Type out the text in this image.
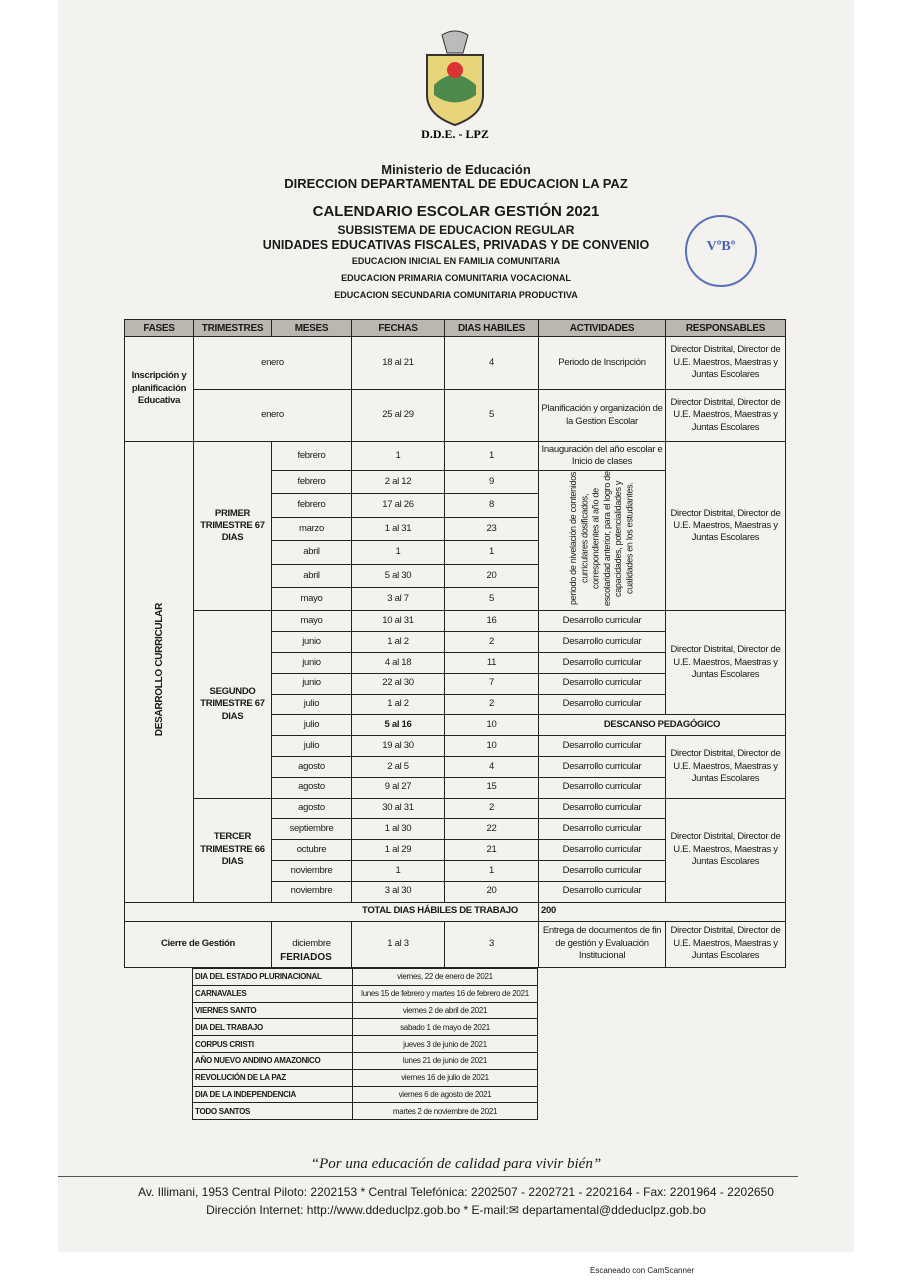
D.D.E. - LPZ
Ministerio de Educación
DIRECCION DEPARTAMENTAL DE EDUCACION LA PAZ
CALENDARIO ESCOLAR GESTIÓN 2021
SUBSISTEMA DE EDUCACION REGULAR
UNIDADES EDUCATIVAS FISCALES, PRIVADAS Y DE CONVENIO
EDUCACION INICIAL EN FAMILIA COMUNITARIA
EDUCACION PRIMARIA COMUNITARIA VOCACIONAL
EDUCACION SECUNDARIA COMUNITARIA PRODUCTIVA
VºBº
FASES	TRIMESTRES	MESES	FECHAS	DIAS HABILES	ACTIVIDADES	RESPONSABLES
Inscripción y planificación Educativa	enero		18 al 21	4	Periodo de Inscripción	Director Distrital, Director de U.E. Maestros, Maestras y Juntas Escolares
	enero		25 al 29	5	Planificación y organización de la Gestion Escolar	Director Distrital, Director de U.E. Maestros, Maestras y Juntas Escolares
DESARROLLO CURRICULAR	PRIMER TRIMESTRE 67 DIAS	febrero	1	1	Inauguración del año escolar e Inicio de clases	Director Distrital, Director de U.E. Maestros, Maestras y Juntas Escolares
		febrero	2 al 12	9	periodo de nivelación de contenidos curriculares dosificados, correspondientes al año de escolaridad anterior, para el logro de capacidades, potencialidades y cualidades en los estudiantes.	
		febrero	17 al 26	8		
		marzo	1 al 31	23		
		abril	1	1		
		abril	5 al 30	20		
		mayo	3 al 7	5		
	SEGUNDO TRIMESTRE 67 DIAS	mayo	10 al 31	16	Desarrollo curricular	Director Distrital, Director de U.E. Maestros, Maestras y Juntas Escolares
		junio	1 al 2	2	Desarrollo curricular	
		junio	4 al 18	11	Desarrollo curricular	
		junio	22 al 30	7	Desarrollo curricular	
		julio	1 al 2	2	Desarrollo curricular	
		julio	5 al 16	10	DESCANSO PEDAGÓGICO	
		julio	19 al 30	10	Desarrollo curricular	Director Distrital, Director de U.E. Maestros, Maestras y Juntas Escolares
		agosto	2 al 5	4	Desarrollo curricular	
		agosto	9 al 27	15	Desarrollo curricular	
	TERCER TRIMESTRE 66 DIAS	agosto	30 al 31	2	Desarrollo curricular	Director Distrital, Director de U.E. Maestros, Maestras y Juntas Escolares
		septiembre	1 al 30	22	Desarrollo curricular	
		octubre	1 al 29	21	Desarrollo curricular	
		noviembre	1	1	Desarrollo curricular	
		noviembre	3 al 30	20	Desarrollo curricular	
TOTAL DIAS HÁBILES DE TRABAJO					200	
Cierre de Gestión		diciembre	1 al 3	3	Entrega de documentos de fin de gestión y Evaluación Institucional	Director Distrital, Director de U.E. Maestros, Maestras y Juntas Escolares
FERIADOS
DIA DEL ESTADO PLURINACIONAL	viernes, 22 de enero de 2021
CARNAVALES	lunes 15 de febrero y martes 16 de febrero de 2021
VIERNES SANTO	viernes 2 de abril de 2021
DIA DEL TRABAJO	sabado 1 de mayo de 2021
CORPUS CRISTI	jueves 3 de junio de 2021
AÑO NUEVO ANDINO AMAZONICO	lunes 21 de junio de 2021
REVOLUCIÓN DE LA PAZ	viernes 16 de julio de 2021
DIA DE LA INDEPENDENCIA	viernes 6 de agosto de 2021
TODO SANTOS	martes 2 de noviembre de 2021
“Por una educación de calidad para vivir bién”
Av. Illimani, 1953 Central Piloto: 2202153 * Central Telefónica: 2202507 - 2202721 - 2202164 - Fax: 2201964 - 2202650
Dirección Internet: http://www.ddeduclpz.gob.bo * E-mail:✉ departamental@ddeduclpz.gob.bo
Escaneado con CamScanner
